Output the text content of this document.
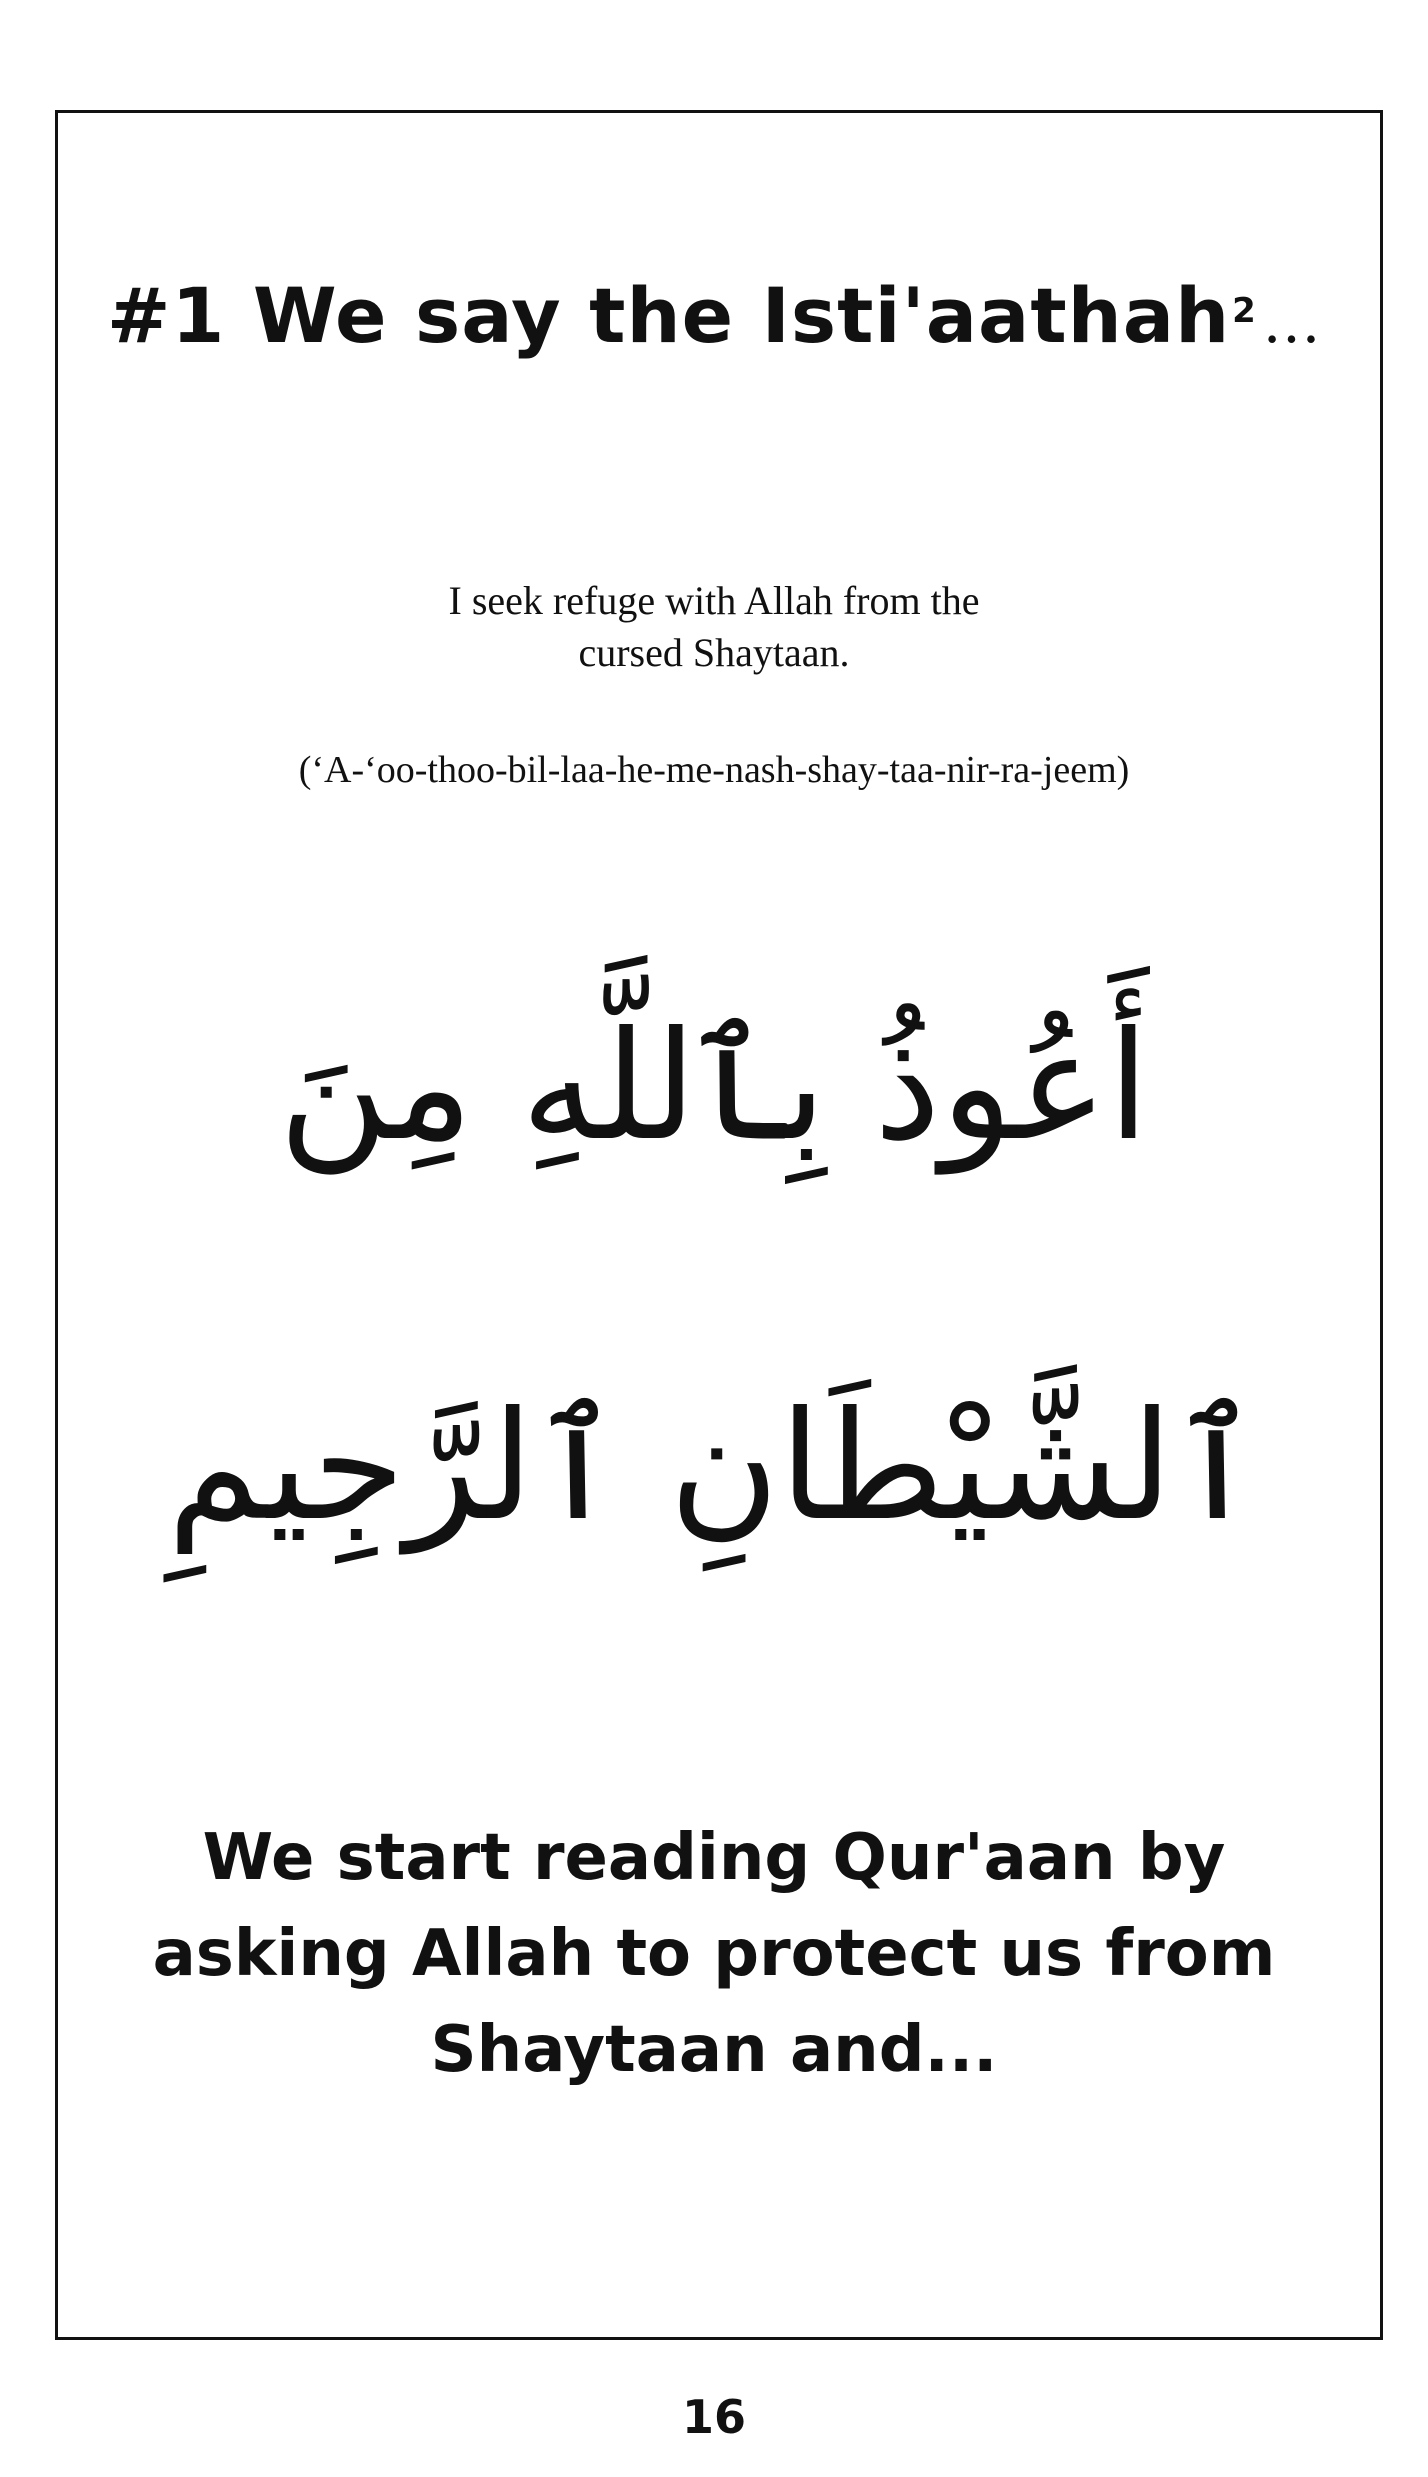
#1 We say the Isti'aathah$^2$ ...
I seek refuge with Allah from the
cursed Shaytaan.
(‘A-‘oo-thoo-bil-laa-he-me-nash-shay-taa-nir-ra-jeem)
أَعُوذُ بِٱللَّهِ مِنَ
ٱلشَّيْطَانِ ٱلرَّجِيمِ
We start reading Qur'aan by
asking Allah to protect us from
Shaytaan and...
16
